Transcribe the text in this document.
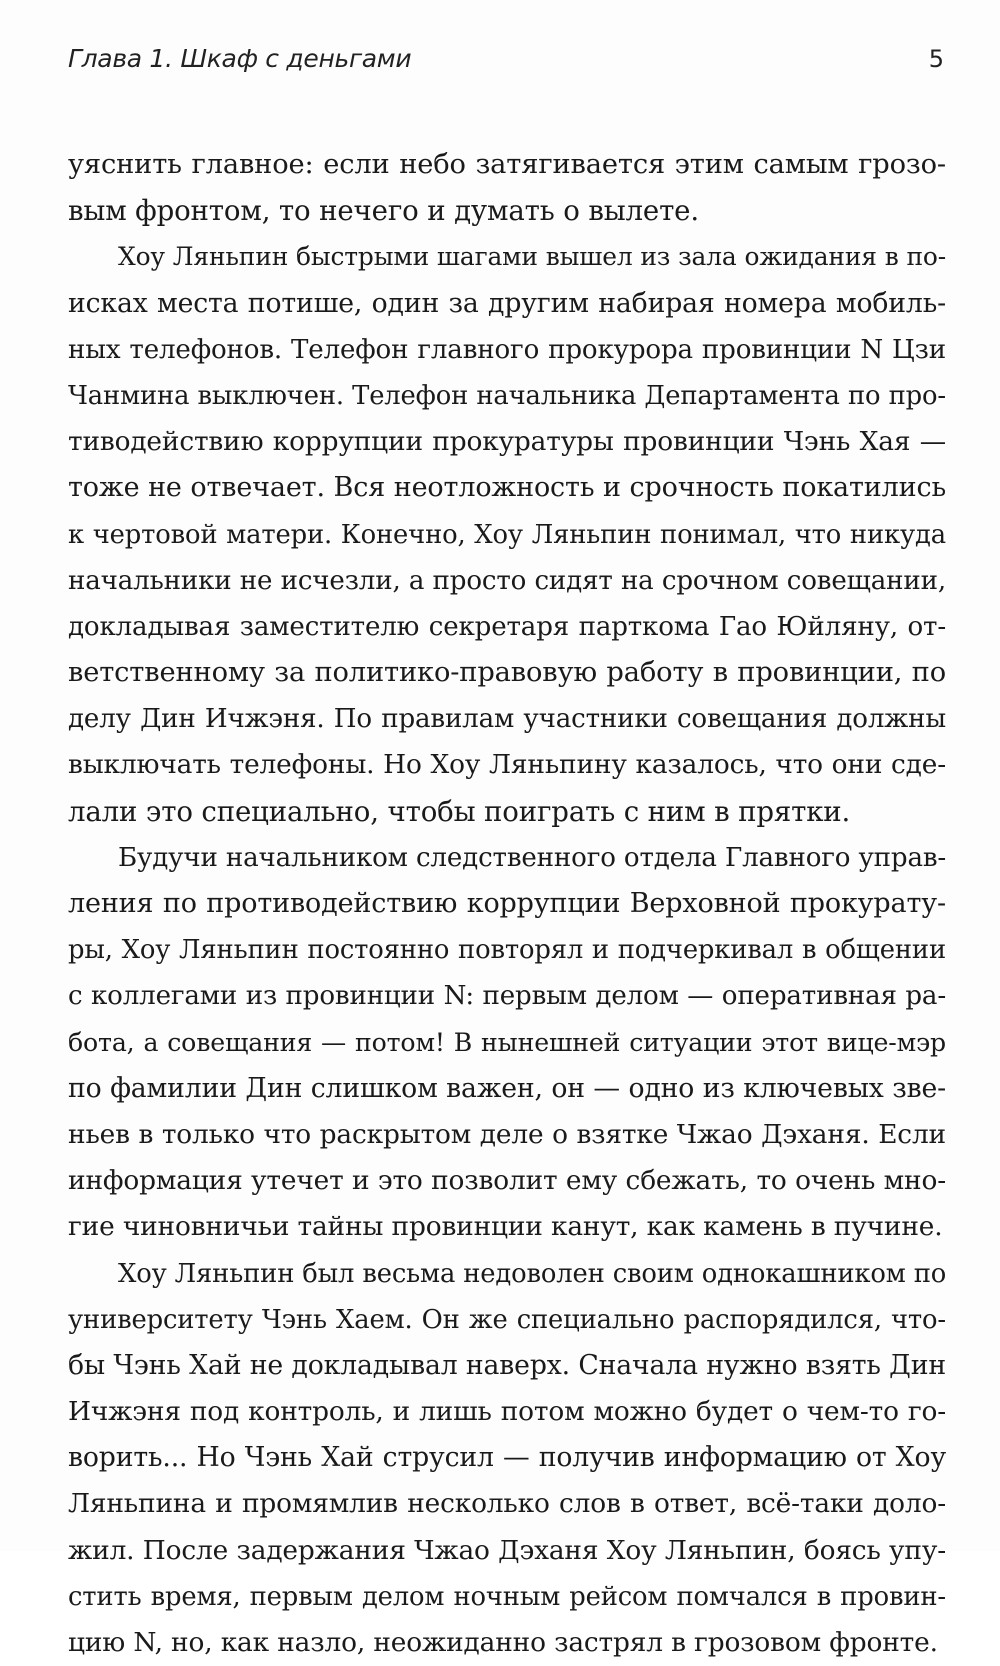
Глава 1. Шкаф с деньгами	5
уяснить главное: если небо затягивается этим самым грозо-
вым фронтом, то нечего и думать о вылете.
Хоу Ляньпин быстрыми шагами вышел из зала ожидания в по-
исках места потише, один за другим набирая номера мобиль-
ных телефонов. Телефон главного прокурора провинции N Цзи
Чанмина выключен. Телефон начальника Департамента по про-
тиводействию коррупции прокуратуры провинции Чэнь Хая —
тоже не отвечает. Вся неотложность и срочность покатились
к чертовой матери. Конечно, Хоу Ляньпин понимал, что никуда
начальники не исчезли, а просто сидят на срочном совещании,
докладывая заместителю секретаря парткома Гао Юйляну, от-
ветственному за политико-правовую работу в провинции, по
делу Дин Ичжэня. По правилам участники совещания должны
выключать телефоны. Но Хоу Ляньпину казалось, что они сде-
лали это специально, чтобы поиграть с ним в прятки.
Будучи начальником следственного отдела Главного управ-
ления по противодействию коррупции Верховной прокурату-
ры, Хоу Ляньпин постоянно повторял и подчеркивал в общении
с коллегами из провинции N: первым делом — оперативная ра-
бота, а совещания — потом! В нынешней ситуации этот вице-мэр
по фамилии Дин слишком важен, он — одно из ключевых зве-
ньев в только что раскрытом деле о взятке Чжао Дэханя. Если
информация утечет и это позволит ему сбежать, то очень мно-
гие чиновничьи тайны провинции канут, как камень в пучине.
Хоу Ляньпин был весьма недоволен своим однокашником по
университету Чэнь Хаем. Он же специально распорядился, что-
бы Чэнь Хай не докладывал наверх. Сначала нужно взять Дин
Ичжэня под контроль, и лишь потом можно будет о чем-то го-
ворить... Но Чэнь Хай струсил — получив информацию от Хоу
Ляньпина и промямлив несколько слов в ответ, всё-таки доло-
жил. После задержания Чжао Дэханя Хоу Ляньпин, боясь упу-
стить время, первым делом ночным рейсом помчался в провин-
цию N, но, как назло, неожиданно застрял в грозовом фронте.
